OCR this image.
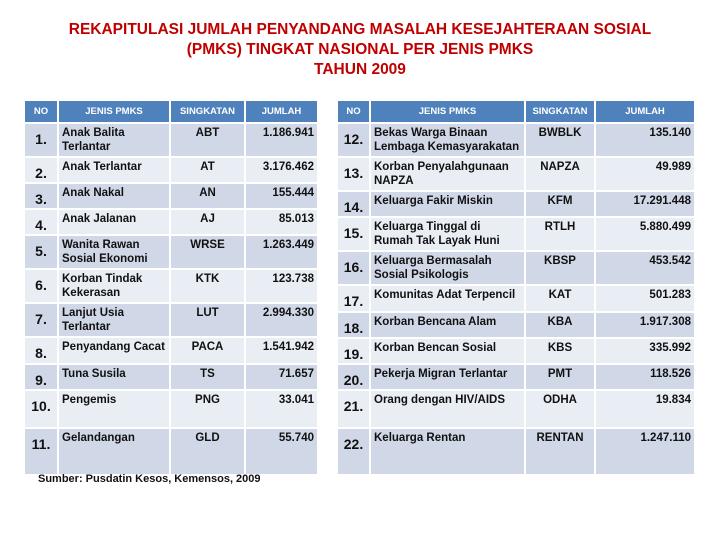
REKAPITULASI JUMLAH PENYANDANG MASALAH KESEJAHTERAAN SOSIAL
(PMKS) TINGKAT NASIONAL PER JENIS PMKS
TAHUN 2009
NO	JENIS PMKS	SINGKATAN	JUMLAH
1.	Anak Balita Terlantar	ABT	1.186.941
2.	Anak Terlantar	AT	3.176.462
3.	Anak Nakal	AN	155.444
4.	Anak Jalanan	AJ	85.013
5.	Wanita Rawan Sosial Ekonomi	WRSE	1.263.449
6.	Korban Tindak Kekerasan	KTK	123.738
7.	Lanjut Usia Terlantar	LUT	2.994.330
8.	Penyandang Cacat	PACA	1.541.942
9.	Tuna Susila	TS	71.657
10.	Pengemis	PNG	33.041
11.	Gelandangan	GLD	55.740
NO	JENIS PMKS	SINGKATAN	JUMLAH
12.	Bekas Warga Binaan Lembaga Kemasyarakatan	BWBLK	135.140
13.	Korban Penyalahgunaan NAPZA	NAPZA	49.989
14.	Keluarga Fakir Miskin	KFM	17.291.448
15.	Keluarga Tinggal di Rumah Tak Layak Huni	RTLH	5.880.499
16.	Keluarga Bermasalah Sosial Psikologis	KBSP	453.542
17.	Komunitas Adat Terpencil	KAT	501.283
18.	Korban Bencana Alam	KBA	1.917.308
19.	Korban Bencan Sosial	KBS	335.992
20.	Pekerja Migran Terlantar	PMT	118.526
21.	Orang dengan HIV/AIDS	ODHA	19.834
22.	Keluarga Rentan	RENTAN	1.247.110
Sumber: Pusdatin Kesos, Kemensos, 2009
